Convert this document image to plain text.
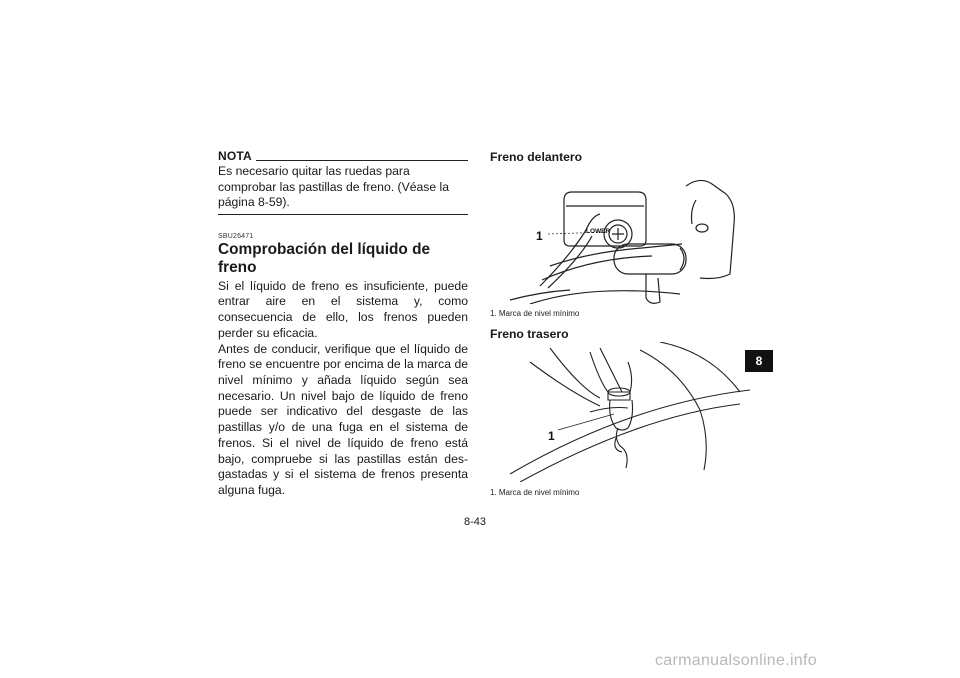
NOTA
Es necesario quitar las ruedas para comprobar las pastillas de freno. (Véase la página 8-59).
SBU26471
Comprobación del líquido de freno

Si el líquido de freno es insuficiente, puede entrar aire en el sistema y, como consecuencia de ello, los frenos pueden perder su eficacia.

Antes de conducir, verifique que el líquido de freno se encuentre por encima de la marca de nivel mínimo y añada líquido según sea necesario. Un nivel bajo de líquido de freno puede ser indicativo del desgaste de las pastillas y/o de una fuga en el sistema de frenos. Si el nivel de líquido de freno está bajo, compruebe si las pastillas están desgastadas y si el sistema de frenos presenta alguna fuga.

Freno delantero
LOWER
1
1. Marca de nivel mínimo
Freno trasero
1
1. Marca de nivel mínimo
8
8-43
carmanualsonline.info
